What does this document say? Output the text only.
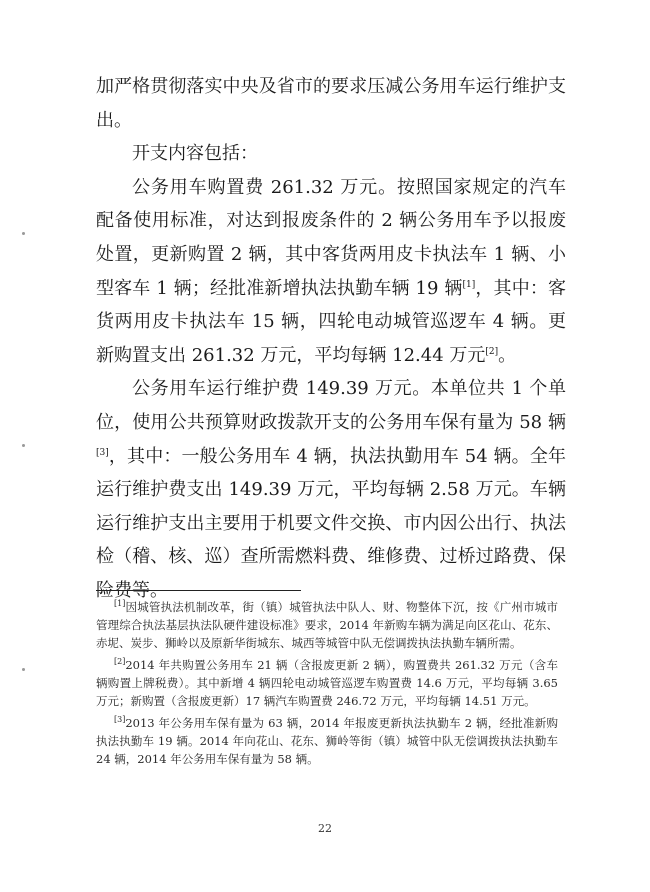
加严格贯彻落实中央及省市的要求压减公务用车运行维护支出。

开支内容包括：

公务用车购置费 261.32 万元。按照国家规定的汽车配备使用标准，对达到报废条件的 2 辆公务用车予以报废处置，更新购置 2 辆，其中客货两用皮卡执法车 1 辆、小型客车 1 辆；经批准新增执法执勤车辆 19 辆[1]，其中：客货两用皮卡执法车 15 辆，四轮电动城管巡逻车 4 辆。更新购置支出 261.32 万元，平均每辆 12.44 万元[2]。

公务用车运行维护费 149.39 万元。本单位共 1 个单位，使用公共预算财政拨款开支的公务用车保有量为 58 辆[3]，其中：一般公务用车 4 辆，执法执勤用车 54 辆。全年运行维护费支出 149.39 万元，平均每辆 2.58 万元。车辆运行维护支出主要用于机要文件交换、市内因公出行、执法检（稽、核、巡）查所需燃料费、维修费、过桥过路费、保险费等。

[1]因城管执法机制改革，街（镇）城管执法中队人、财、物整体下沉，按《广州市城市管理综合执法基层执法队硬件建设标准》要求，2014 年新购车辆为满足向区花山、花东、赤坭、炭步、狮岭以及原新华街城东、城西等城管中队无偿调拨执法执勤车辆所需。

[2]2014 年共购置公务用车 21 辆（含报废更新 2 辆），购置费共 261.32 万元（含车辆购置上牌税费）。其中新增 4 辆四轮电动城管巡逻车购置费 14.6 万元，平均每辆 3.65 万元；新购置（含报废更新）17 辆汽车购置费 246.72 万元，平均每辆 14.51 万元。

[3]2013 年公务用车保有量为 63 辆，2014 年报废更新执法执勤车 2 辆，经批准新购执法执勤车 19 辆。2014 年向花山、花东、狮岭等街（镇）城管中队无偿调拨执法执勤车 24 辆，2014 年公务用车保有量为 58 辆。

22
